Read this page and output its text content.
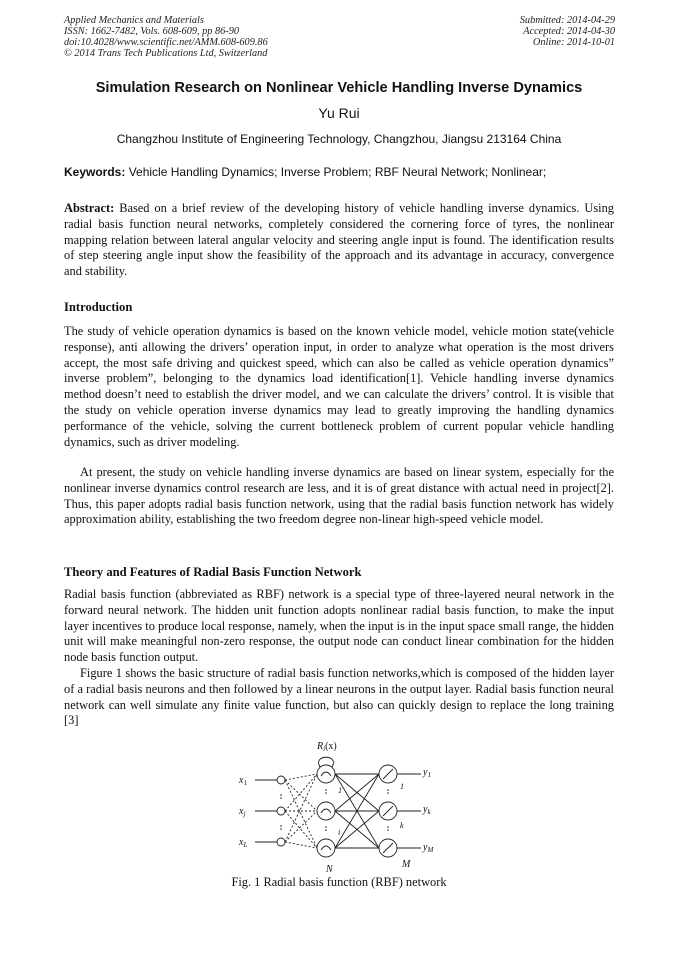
Applied Mechanics and Materials
ISSN: 1662-7482, Vols. 608-609, pp 86-90
doi:10.4028/www.scientific.net/AMM.608-609.86
© 2014 Trans Tech Publications Ltd, Switzerland
Submitted: 2014-04-29
Accepted: 2014-04-30
Online: 2014-10-01
Simulation Research on Nonlinear Vehicle Handling Inverse Dynamics
Yu Rui
Changzhou Institute of Engineering Technology, Changzhou, Jiangsu 213164 China
Keywords: Vehicle Handling Dynamics; Inverse Problem; RBF Neural Network; Nonlinear;
Abstract: Based on a brief review of the developing history of vehicle handling inverse dynamics. Using radial basis function neural networks, completely considered the cornering force of tyres, the nonlinear mapping relation between lateral angular velocity and steering angle input is found. The identification results of step steering angle input show the feasibility of the approach and its advantage in accuracy, convergence and stability.
Introduction
The study of vehicle operation dynamics is based on the known vehicle model, vehicle motion state(vehicle response), anti allowing the drivers’ operation input, in order to analyze what operation is the most drivers accept, the most safe driving and quickest speed, which can also be called as vehicle operation dynamics” inverse problem”, belonging to the dynamics load identification[1]. Vehicle handling inverse dynamics method doesn’t need to establish the driver model, and we can calculate the drivers’ control. It is visible that the study on vehicle operation inverse dynamics may lead to greatly improving the handling dynamics performance of the vehicle, solving the current bottleneck problem of current popular vehicle handling dynamics, such as driver modeling.
At present, the study on vehicle handling inverse dynamics are based on linear system, especially for the nonlinear inverse dynamics control research are less, and it is of great distance with actual need in project[2]. Thus, this paper adopts radial basis function network, using that the radial basis function network has widely approximation ability, establishing the two freedom degree non-linear high-speed vehicle model.
Theory and Features of Radial Basis Function Network
Radial basis function (abbreviated as RBF) network is a special type of three-layered neural network in the forward neural network. The hidden unit function adopts nonlinear radial basis function, to make the input layer incentives to produce local response, namely, when the input is in the input space small range, the hidden unit will make meaningful non-zero response, the output node can conduct linear combination for the hidden node basis function output.
Figure 1 shows the basic structure of radial basis function networks,which is composed of the hidden layer of a radial basis neurons and then followed by a linear neurons in the output layer. Radial basis function neural network can well simulate any finite value function, but also can quickly design to replace the long training [3]
$R_i(x)$
$x_1$
$x_j$
$x_L$
$y_1$
$y_k$
$y_M$
N	M
1
i
1
k
Fig. 1 Radial basis function (RBF) network
